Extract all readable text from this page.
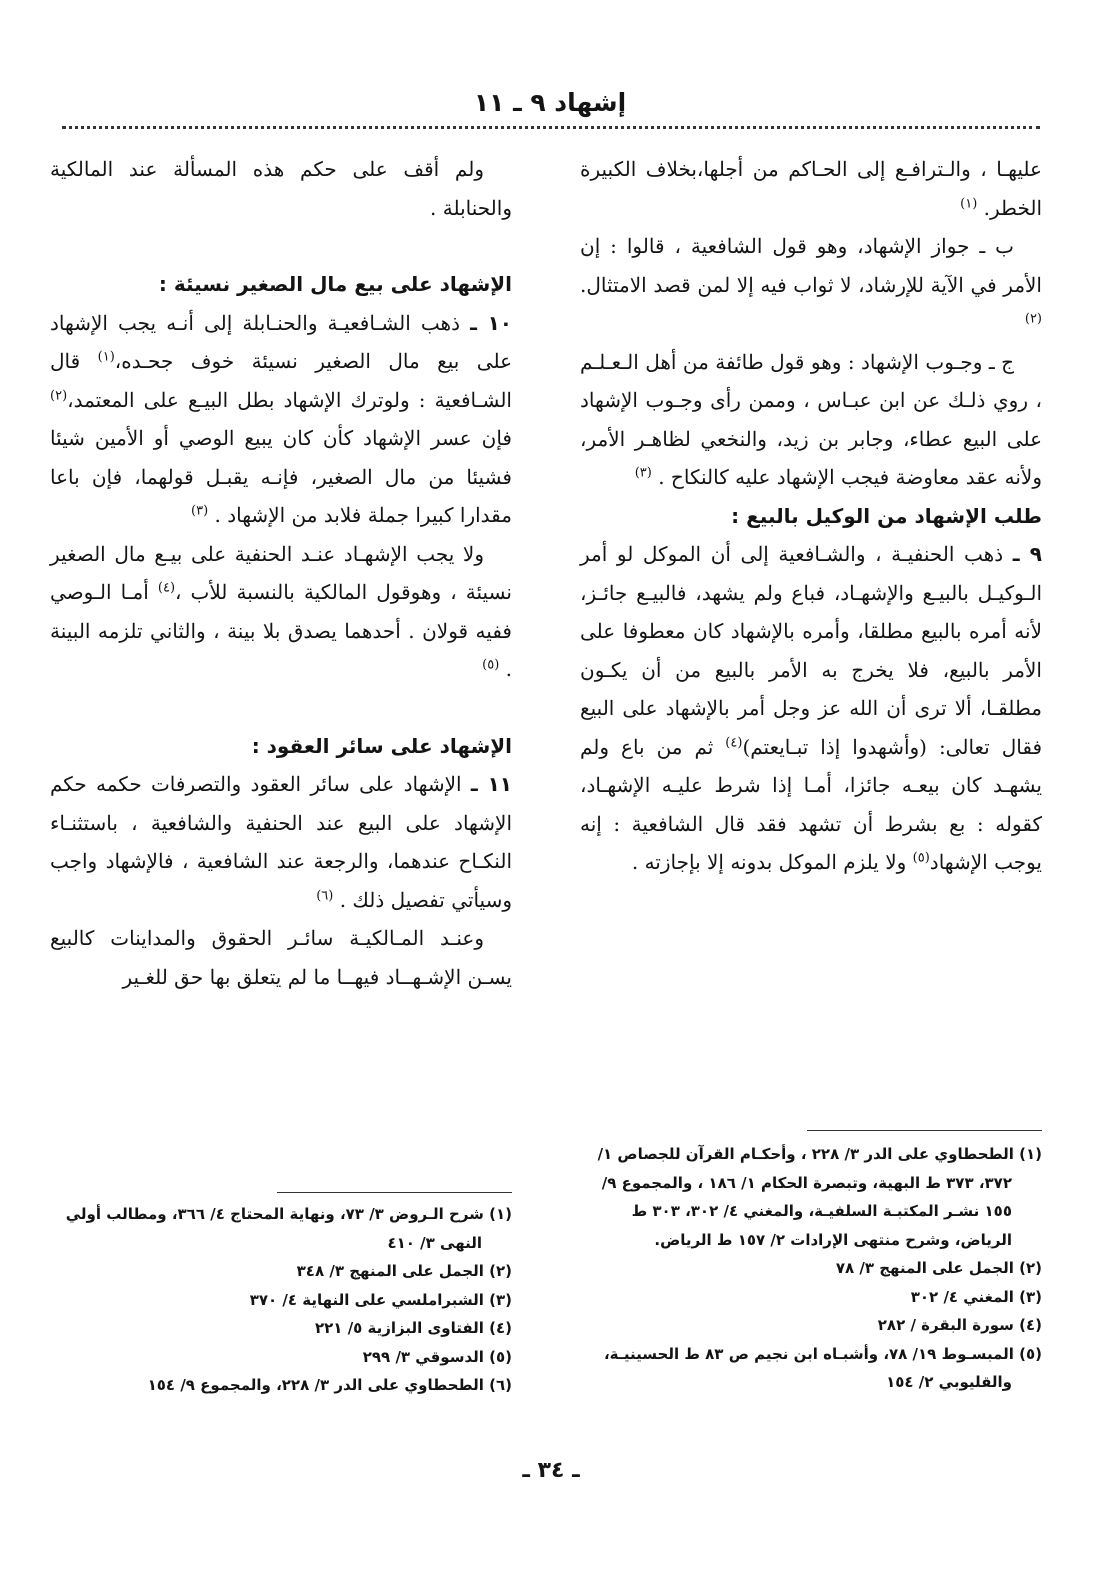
إشهاد ٩ ـ ١١

عليهـا ، والـترافـع إلى الحـاكم من أجلها،بخلاف الكبيرة الخطر. $^{(١)}$

ب ـ جواز الإشهاد، وهو قول الشافعية ، قالوا : إن الأمر في الآية للإرشاد، لا ثواب فيه إلا لمن قصد الامتثال. $^{(٢)}$

ج ـ وجـوب الإشهاد : وهو قول طائفة من أهل الـعـلـم ، روي ذلـك عن ابن عبـاس ، وممن رأى وجـوب الإشهاد على البيع عطاء، وجابر بن زيد، والنخعي لظاهـر الأمر، ولأنه عقد معاوضة فيجب الإشهاد عليه كالنكاح . $^{(٣)}$

طلب الإشهاد من الوكيل بالبيع :

٩ ـ ذهب الحنفيـة ، والشـافعية إلى أن الموكل لو أمر الـوكيـل بالبيـع والإشهـاد، فباع ولم يشهد، فالبيـع جائـز، لأنه أمره بالبيع مطلقا، وأمره بالإشهاد كان معطوفا على الأمر بالبيع، فلا يخرج به الأمر بالبيع من أن يكـون مطلقـا، ألا ترى أن الله عز وجل أمر بالإشهاد على البيع فقال تعالى: (وأشهدوا إذا تبـايعتم)$^{(٤)}$ ثم من باع ولم يشهـد كان بيعـه جائزا، أمـا إذا شرط عليـه الإشهـاد، كقوله : بع بشرط أن تشهد فقد قال الشافعية : إنه يوجب الإشهاد$^{(٥)}$ ولا يلزم الموكل بدونه إلا بإجازته .

ولم أقف على حكم هذه المسألة عند المالكية والحنابلة .

الإشهاد على بيع مال الصغير نسيئة :

١٠ ـ ذهب الشـافعيـة والحنـابلة إلى أنـه يجب الإشهاد على بيع مال الصغير نسيئة خوف جحـده،$^{(١)}$ قال الشـافعية : ولوترك الإشهاد بطل البيـع على المعتمد،$^{(٢)}$ فإن عسر الإشهاد كأن كان يبيع الوصي أو الأمين شيئا فشيئا من مال الصغير، فإنـه يقبـل قولهما، فإن باعا مقدارا كبيرا جملة فلابد من الإشهاد . $^{(٣)}$

ولا يجب الإشهـاد عنـد الحنفية على بيـع مال الصغير نسيئة ، وهوقول المالكية بالنسبة للأب ،$^{(٤)}$ أمـا الـوصي ففيه قولان . أحدهما يصدق بلا بينة ، والثاني تلزمه البينة . $^{(٥)}$

الإشهاد على سائر العقود :

١١ ـ الإشهاد على سائر العقود والتصرفات حكمه حكم الإشهاد على البيع عند الحنفية والشافعية ، باستثنـاء النكـاح عندهما، والرجعة عند الشافعية ، فالإشهاد واجب وسيأتي تفصيل ذلك . $^{(٦)}$

وعنـد المـالكيـة سائـر الحقوق والمداينات كالبيع يسـن الإشـهــاد فيهــا ما لم يتعلق بها حق للغـير

(١) الطحطاوي على الدر ٣/ ٢٢٨ ، وأحكـام القرآن للجصاص ١/ ٣٧٢، ٣٧٣ ط البهية، وتبصرة الحكام ١/ ١٨٦ ، والمجموع ٩/ ١٥٥ نشـر المكتبـة السلفيـة، والمغني ٤/ ٣٠٢، ٣٠٣ ط الرياض، وشرح منتهى الإرادات ٢/ ١٥٧ ط الرياض.
(٢) الجمل على المنهج ٣/ ٧٨
(٣) المغني ٤/ ٣٠٢
(٤) سورة البقرة / ٢٨٢
(٥) المبسـوط ١٩/ ٧٨، وأشبـاه ابن نجيم ص ٨٣ ط الحسينيـة، والقليوبي ٢/ ١٥٤
(١) شرح الـروض ٣/ ٧٣، ونهاية المحتاج ٤/ ٣٦٦، ومطالب أولي النهى ٣/ ٤١٠
(٢) الجمل على المنهج ٣/ ٣٤٨
(٣) الشبراملسي على النهاية ٤/ ٣٧٠
(٤) الفتاوى البزازية ٥/ ٢٢١
(٥) الدسوقي ٣/ ٢٩٩
(٦) الطحطاوي على الدر ٣/ ٢٢٨، والمجموع ٩/ ١٥٤
ـ ٣٤ ـ
